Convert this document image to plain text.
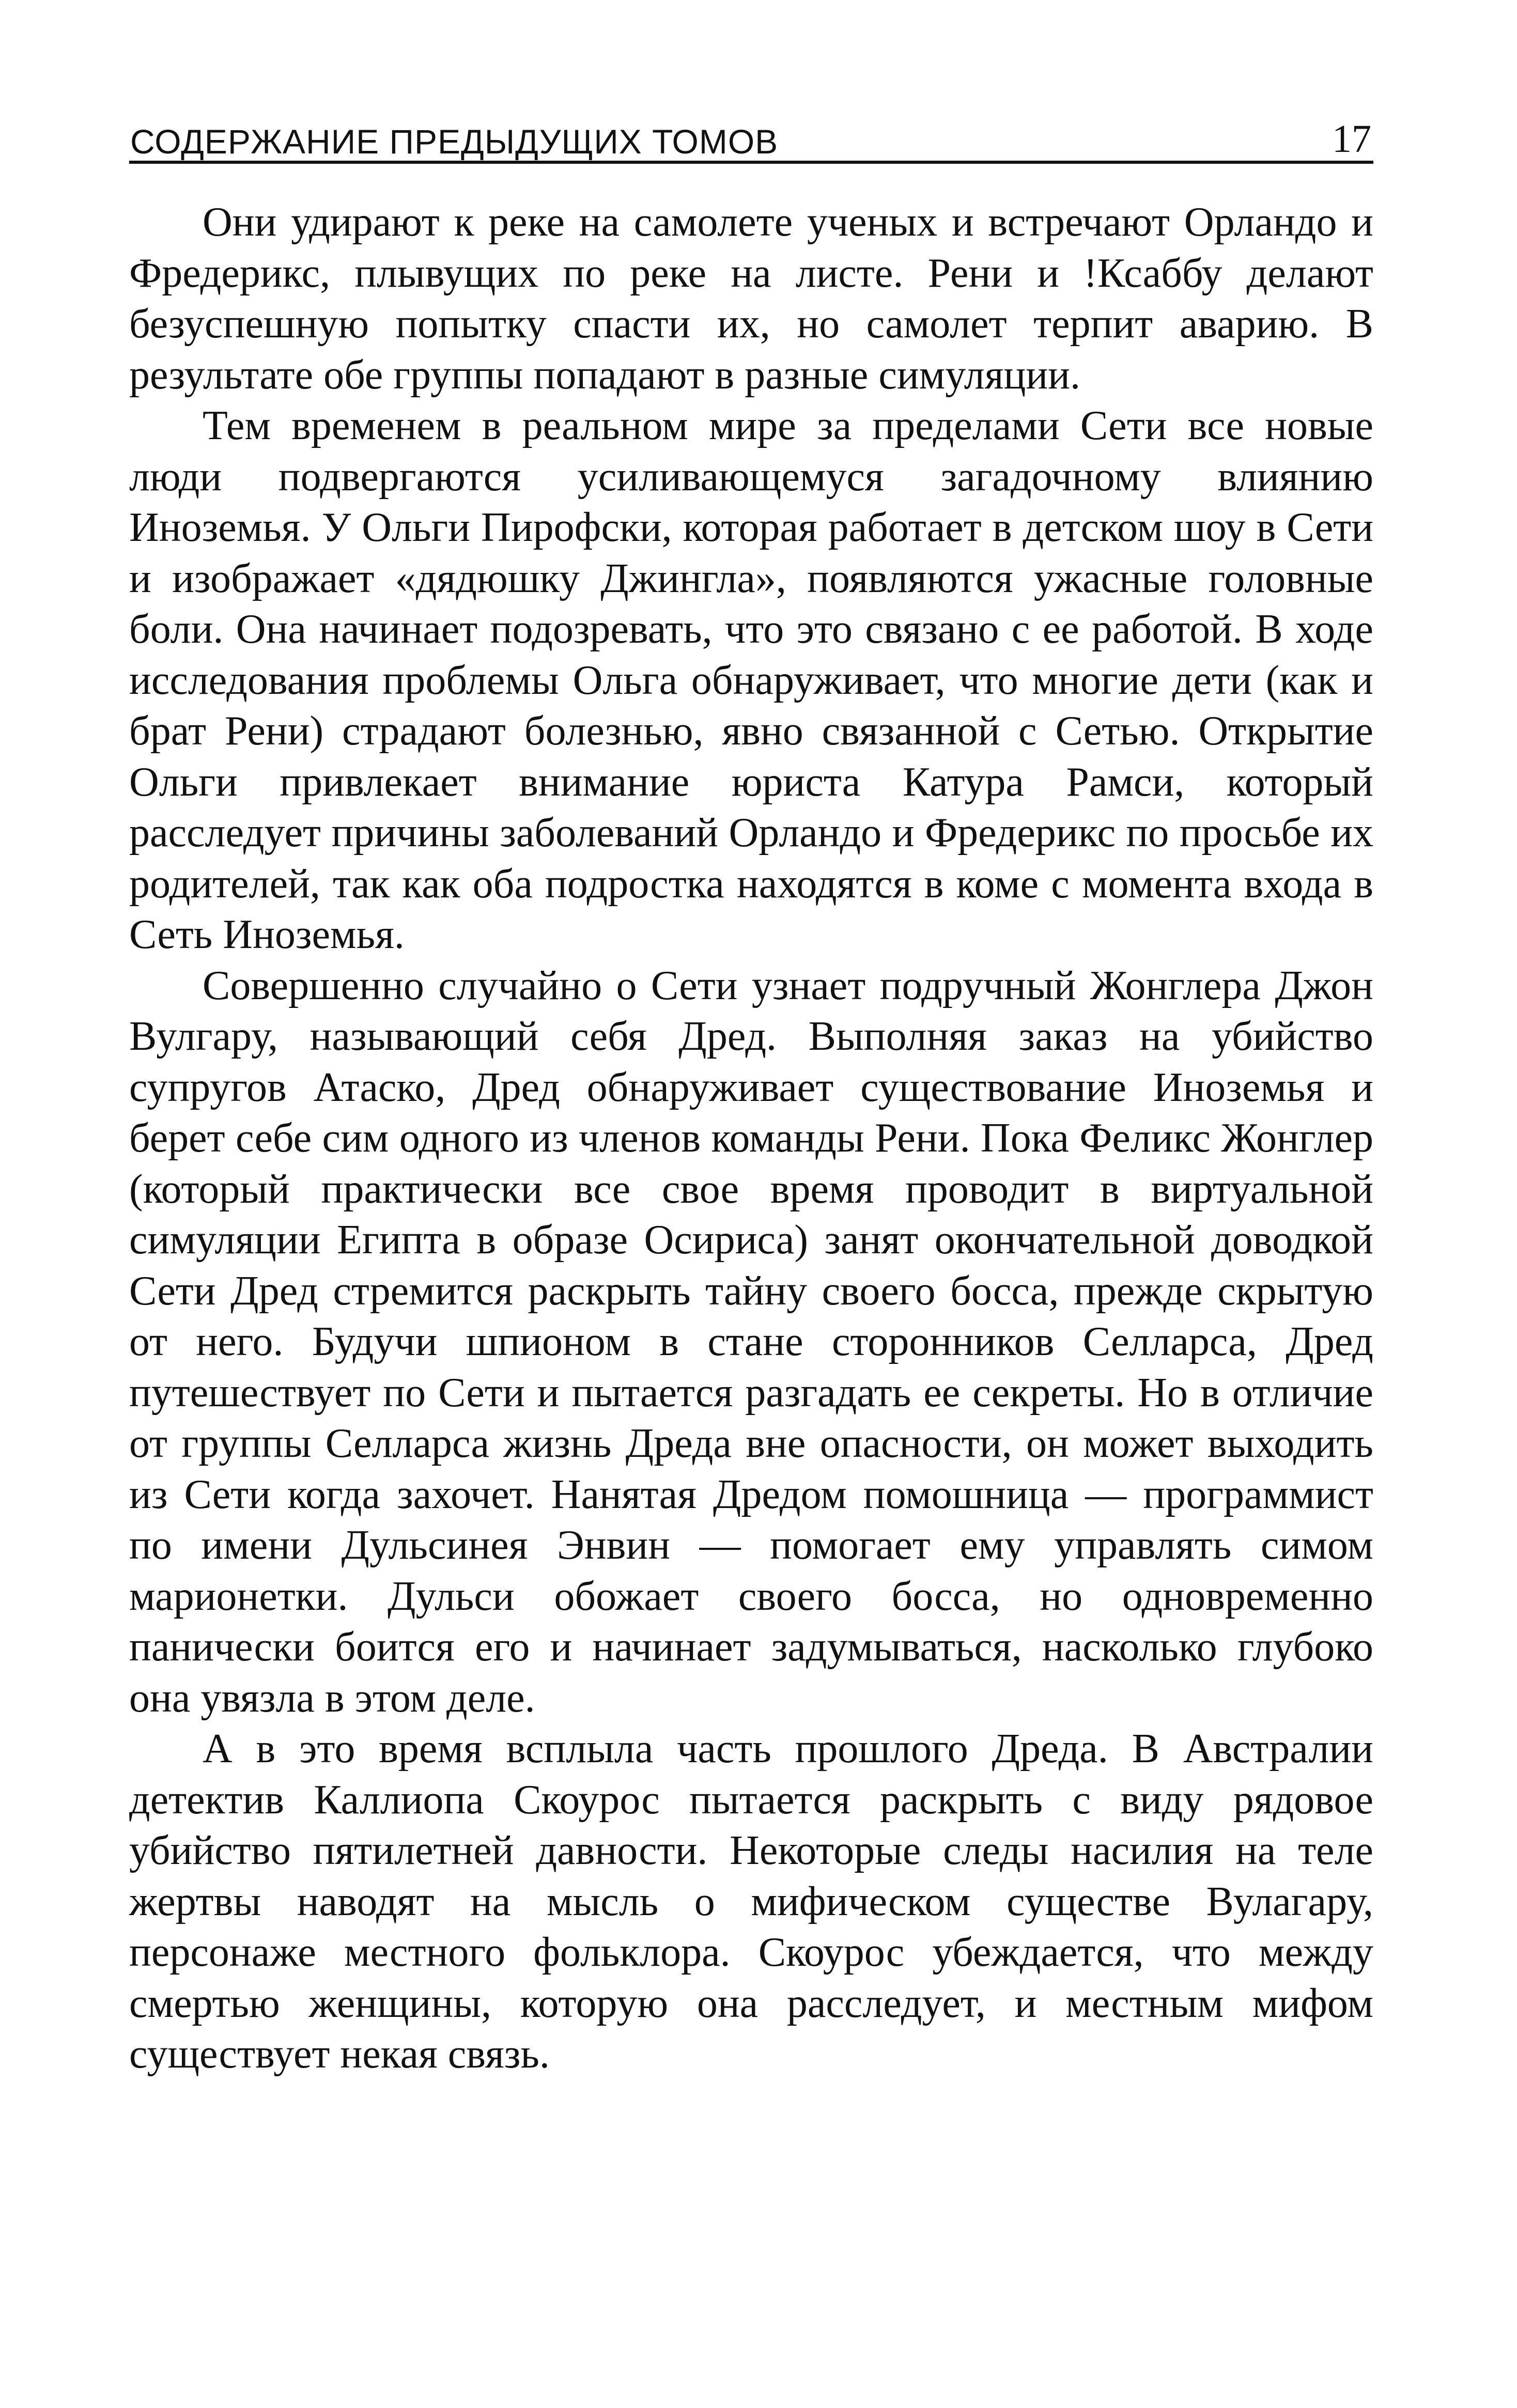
СОДЕРЖАНИЕ ПРЕДЫДУЩИХ ТОМОВ	17

Они удирают к реке на самолете ученых и встречают Орландо и Фредерикс, плывущих по реке на листе. Рени и !Ксаббу делают безуспешную попытку спасти их, но самолет терпит аварию. В результате обе группы попадают в разные симуляции.

Тем временем в реальном мире за пределами Сети все новые люди подвергаются усиливающемуся загадочному влиянию Иноземья. У Ольги Пирофски, которая работает в детском шоу в Сети и изображает «дядюшку Джингла», появляются ужасные головные боли. Она начинает подозревать, что это связано с ее работой. В ходе исследования проблемы Ольга обнаруживает, что многие дети (как и брат Рени) страдают болезнью, явно связанной с Сетью. Открытие Ольги привлекает внимание юриста Катура Рамси, который расследует причины заболеваний Орландо и Фредерикс по просьбе их родителей, так как оба подростка находятся в коме с момента входа в Сеть Иноземья.

Совершенно случайно о Сети узнает подручный Жонглера Джон Вулгару, называющий себя Дред. Выполняя заказ на убийство супругов Атаско, Дред обнаруживает существование Иноземья и берет себе сим одного из членов команды Рени. Пока Феликс Жонглер (который практически все свое время проводит в виртуальной симуляции Египта в образе Осириса) занят окончательной доводкой Сети Дред стремится раскрыть тайну своего босса, прежде скрытую от него. Будучи шпионом в стане сторонников Селларса, Дред путешествует по Сети и пытается разгадать ее секреты. Но в отличие от группы Селларса жизнь Дреда вне опасности, он может выходить из Сети когда захочет. Нанятая Дредом помошница — программист по имени Дульсинея Энвин — помогает ему управлять симом марионетки. Дульси обожает своего босса, но одновременно панически боится его и начинает задумываться, насколько глубоко она увязла в этом деле.

А в это время всплыла часть прошлого Дреда. В Австралии детектив Каллиопа Скоурос пытается раскрыть с виду рядовое убийство пятилетней давности. Некоторые следы насилия на теле жертвы наводят на мысль о мифическом существе Вулагару, персонаже местного фольклора. Скоурос убеждается, что между смертью женщины, которую она расследует, и местным мифом существует некая связь.
